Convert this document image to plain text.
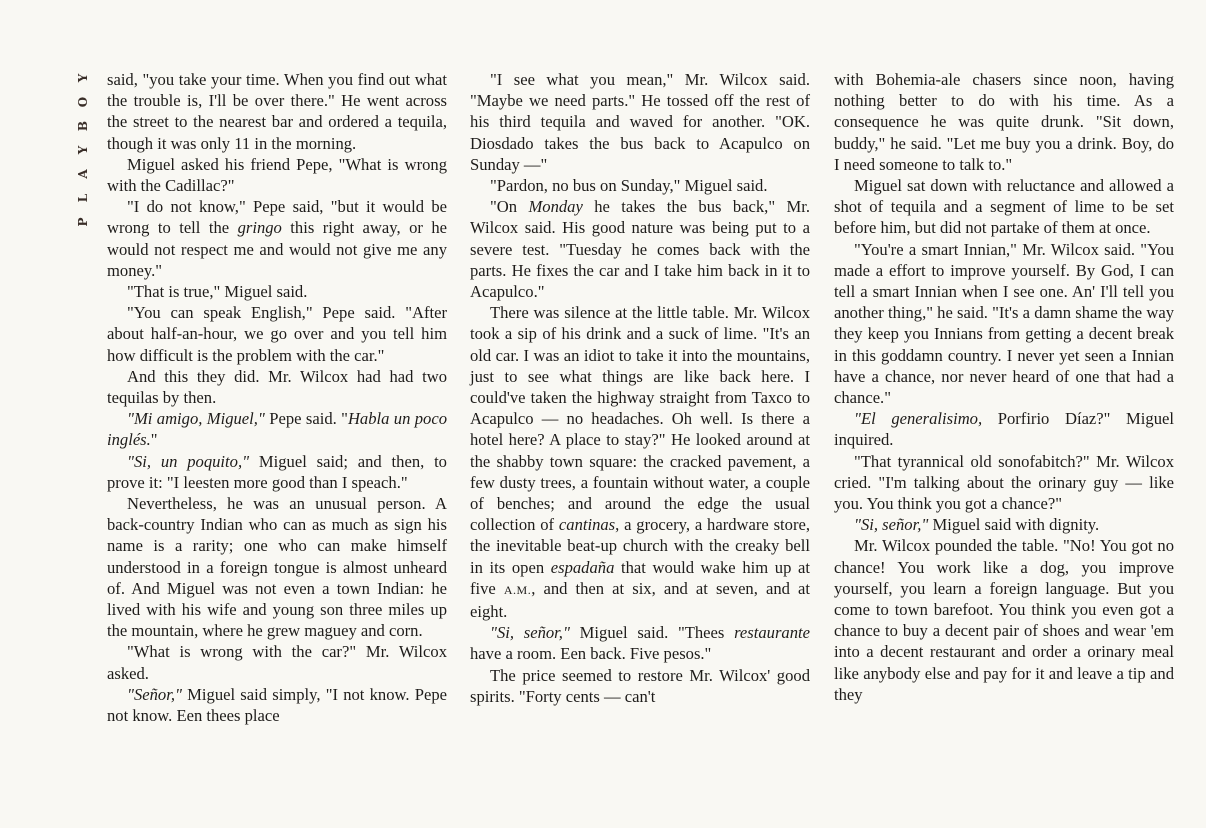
Y
O
B
Y
A
L
P

said, "you take your time. When you find out what the trouble is, I'll be over there." He went across the street to the nearest bar and ordered a tequila, though it was only 11 in the morning.

Miguel asked his friend Pepe, "What is wrong with the Cadillac?"

"I do not know," Pepe said, "but it would be wrong to tell the gringo this right away, or he would not respect me and would not give me any money."

"That is true," Miguel said.

"You can speak English," Pepe said. "After about half-an-hour, we go over and you tell him how difficult is the problem with the car."

And this they did. Mr. Wilcox had had two tequilas by then.

"Mi amigo, Miguel," Pepe said. "Habla un poco inglés."

"Si, un poquito," Miguel said; and then, to prove it: "I leesten more good than I speach."

Nevertheless, he was an unusual person. A back-country Indian who can as much as sign his name is a rarity; one who can make himself understood in a foreign tongue is almost unheard of. And Miguel was not even a town Indian: he lived with his wife and young son three miles up the mountain, where he grew maguey and corn.

"What is wrong with the car?" Mr. Wilcox asked.

"Señor," Miguel said simply, "I not know. Pepe not know. Een thees place

"I see what you mean," Mr. Wilcox said. "Maybe we need parts." He tossed off the rest of his third tequila and waved for another. "OK. Diosdado takes the bus back to Acapulco on Sunday —"

"Pardon, no bus on Sunday," Miguel said.

"On Monday he takes the bus back," Mr. Wilcox said. His good nature was being put to a severe test. "Tuesday he comes back with the parts. He fixes the car and I take him back in it to Acapulco."

There was silence at the little table. Mr. Wilcox took a sip of his drink and a suck of lime. "It's an old car. I was an idiot to take it into the mountains, just to see what things are like back here. I could've taken the highway straight from Taxco to Acapulco — no headaches. Oh well. Is there a hotel here? A place to stay?" He looked around at the shabby town square: the cracked pavement, a few dusty trees, a fountain without water, a couple of benches; and around the edge the usual collection of cantinas, a grocery, a hardware store, the inevitable beat-up church with the creaky bell in its open espadaña that would wake him up at five A.M., and then at six, and at seven, and at eight.

"Si, señor," Miguel said. "Thees restaurante have a room. Een back. Five pesos."

The price seemed to restore Mr. Wilcox' good spirits. "Forty cents — can't

with Bohemia-ale chasers since noon, having nothing better to do with his time. As a consequence he was quite drunk. "Sit down, buddy," he said. "Let me buy you a drink. Boy, do I need someone to talk to."

Miguel sat down with reluctance and allowed a shot of tequila and a segment of lime to be set before him, but did not partake of them at once.

"You're a smart Innian," Mr. Wilcox said. "You made a effort to improve yourself. By God, I can tell a smart Innian when I see one. An' I'll tell you another thing," he said. "It's a damn shame the way they keep you Innians from getting a decent break in this goddamn country. I never yet seen a Innian have a chance, nor never heard of one that had a chance."

"El generalisimo, Porfirio Díaz?" Miguel inquired.

"That tyrannical old sonofabitch?" Mr. Wilcox cried. "I'm talking about the orinary guy — like you. You think you got a chance?"

"Si, señor," Miguel said with dignity.

Mr. Wilcox pounded the table. "No! You got no chance! You work like a dog, you improve yourself, you learn a foreign language. But you come to town barefoot. You think you even got a chance to buy a decent pair of shoes and wear 'em into a decent restaurant and order a orinary meal like anybody else and pay for it and leave a tip and they
